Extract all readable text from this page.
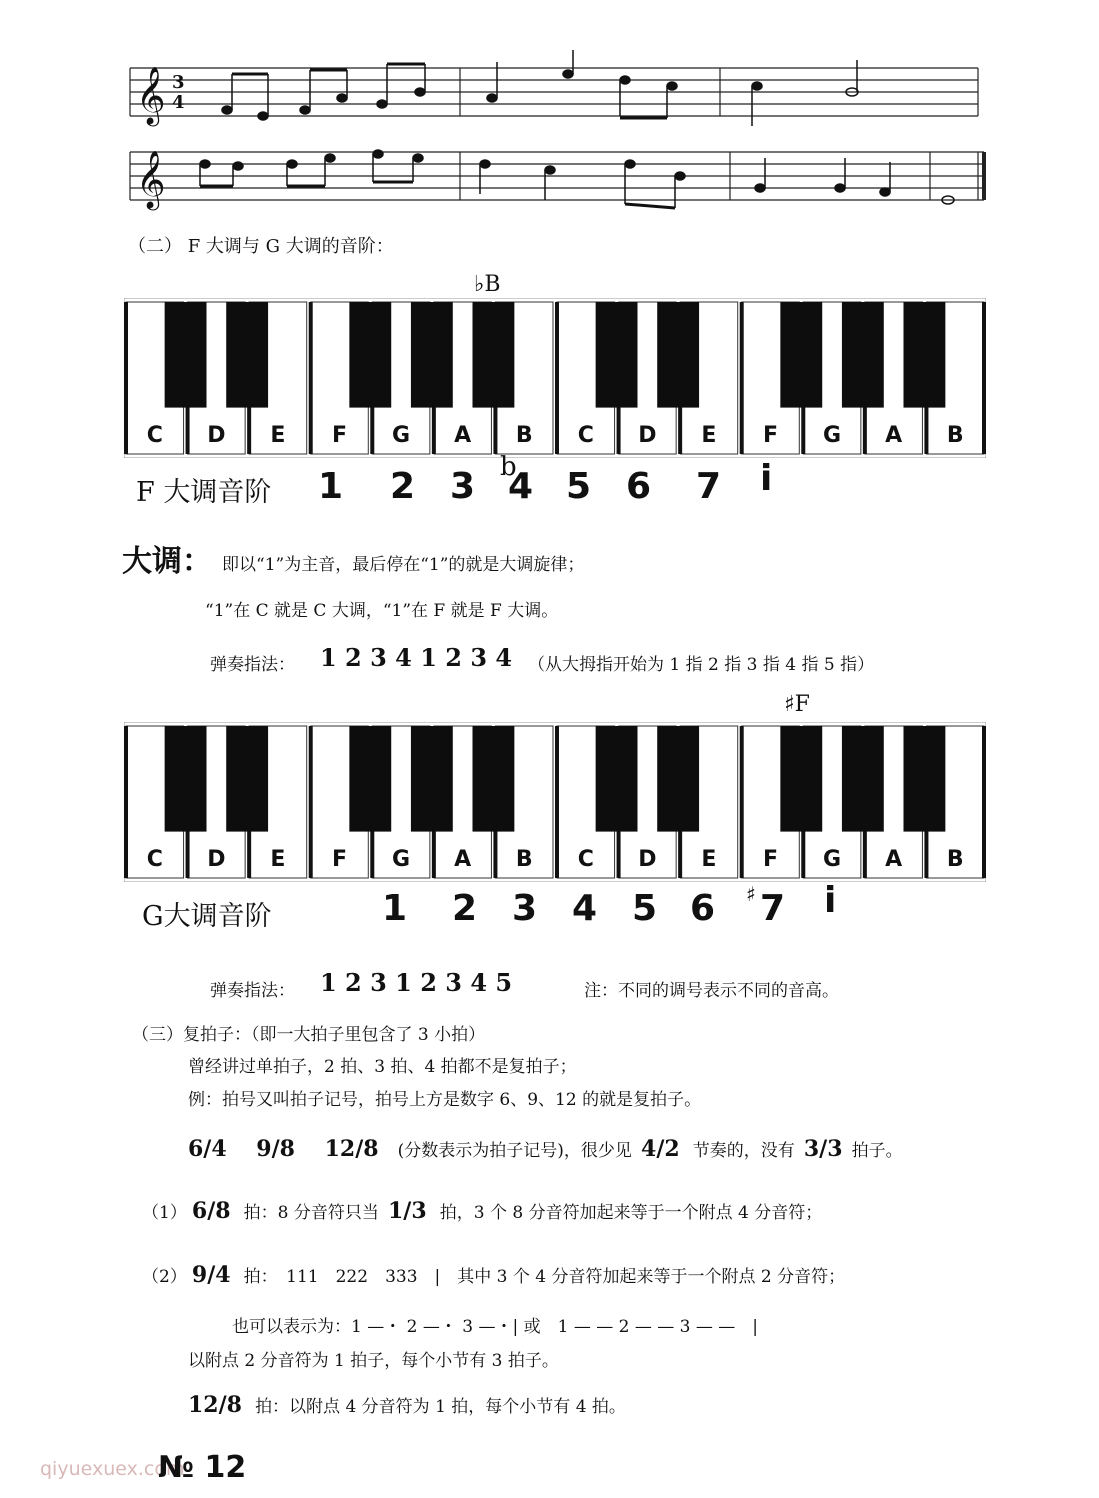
𝄞 3
4
𝄞
（二） F 大调与 G 大调的音阶：
♭B
C D E F G A B C D E F G A B
F 大调音阶 1 2 3 b
4 5 6 7 i
大调： 即以“1”为主音，最后停在“1”的就是大调旋律；
“1”在 C 就是 C 大调，“1”在 F 就是 F 大调。
弹奏指法： 1 2 3 4 1 2 3 4 （从大拇指开始为 1 指 2 指 3 指 4 指 5 指）
♯F
C D E F G A B C D E F G A B
G大调音阶	1 2 3 4 5 6 ♯ 7 i
弹奏指法： 1 2 3 1 2 3 4 5	注：不同的调号表示不同的音高。
（三）复拍子：（即一大拍子里包含了 3 小拍）
曾经讲过单拍子，2 拍、3 拍、4 拍都不是复拍子；
例：拍号又叫拍子记号，拍号上方是数字 6、9、12 的就是复拍子。
6/4　 9/8　 12/8 (分数表示为拍子记号)，很少见 4/2 节奏的，没有 3/3 拍子。
（1） 6/8 拍：8 分音符只当 1/3 拍，3 个 8 分音符加起来等于一个附点 4 分音符；
（2） 9/4 拍：　111　222　333　|　其中 3 个 4 分音符加起来等于一个附点 2 分音符；
也可以表示为：1 —・ 2 —・ 3 —・| 或　1 — — 2 — — 3 — —　|
以附点 2 分音符为 1 拍子，每个小节有 3 拍子。
12/8 拍：以附点 4 分音符为 1 拍，每个小节有 4 拍。
qiyuexuex.com
№ 12
